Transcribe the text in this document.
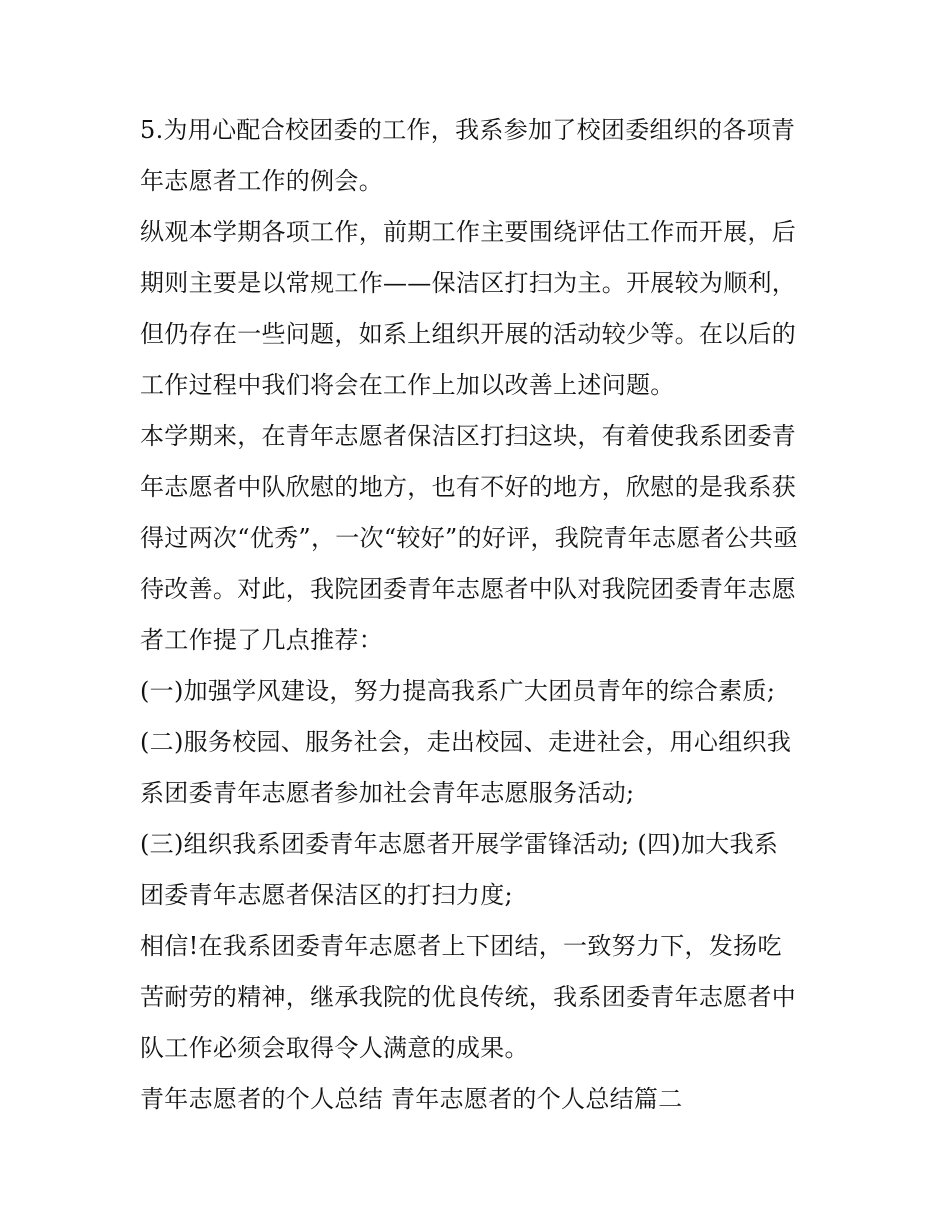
5.为用心配合校团委的工作，我系参加了校团委组织的各项青
年志愿者工作的例会。
纵观本学期各项工作，前期工作主要围绕评估工作而开展，后
期则主要是以常规工作——保洁区打扫为主。开展较为顺利，
但仍存在一些问题，如系上组织开展的活动较少等。在以后的
工作过程中我们将会在工作上加以改善上述问题。
本学期来，在青年志愿者保洁区打扫这块，有着使我系团委青
年志愿者中队欣慰的地方，也有不好的地方，欣慰的是我系获
得过两次“优秀”，一次“较好”的好评，我院青年志愿者公共亟
待改善。对此，我院团委青年志愿者中队对我院团委青年志愿
者工作提了几点推荐：
(一)加强学风建设，努力提高我系广大团员青年的综合素质;
(二)服务校园、服务社会，走出校园、走进社会，用心组织我
系团委青年志愿者参加社会青年志愿服务活动;
(三)组织我系团委青年志愿者开展学雷锋活动; (四)加大我系
团委青年志愿者保洁区的打扫力度;
相信!在我系团委青年志愿者上下团结，一致努力下，发扬吃
苦耐劳的精神，继承我院的优良传统，我系团委青年志愿者中
队工作必须会取得令人满意的成果。
青年志愿者的个人总结 青年志愿者的个人总结篇二
